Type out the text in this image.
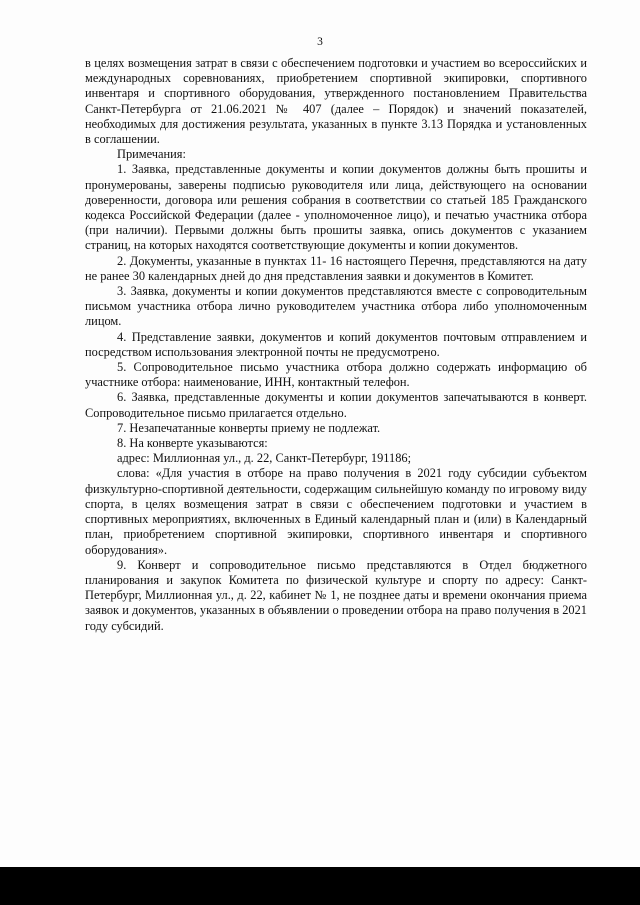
3

в целях возмещения затрат в связи с обеспечением подготовки и участием во всероссийских и международных соревнованиях, приобретением спортивной экипировки, спортивного инвентаря и спортивного оборудования, утвержденного постановлением Правительства Санкт-Петербурга от 21.06.2021 № 407 (далее – Порядок) и значений показателей, необходимых для достижения результата, указанных в пункте 3.13 Порядка и установленных в соглашении.

Примечания:

1. Заявка, представленные документы и копии документов должны быть прошиты и пронумерованы, заверены подписью руководителя или лица, действующего на основании доверенности, договора или решения собрания в соответствии со статьей 185 Гражданского кодекса Российской Федерации (далее - уполномоченное лицо), и печатью участника отбора (при наличии). Первыми должны быть прошиты заявка, опись документов с указанием страниц, на которых находятся соответствующие документы и копии документов.

2. Документы, указанные в пунктах 11- 16 настоящего Перечня, представляются на дату не ранее 30 календарных дней до дня представления заявки и документов в Комитет.

3. Заявка, документы и копии документов представляются вместе с сопроводительным письмом участника отбора лично руководителем участника отбора либо уполномоченным лицом.

4. Представление заявки, документов и копий документов почтовым отправлением и посредством использования электронной почты не предусмотрено.

5. Сопроводительное письмо участника отбора должно содержать информацию об участнике отбора: наименование, ИНН, контактный телефон.

6. Заявка, представленные документы и копии документов запечатываются в конверт. Сопроводительное письмо прилагается отдельно.

7. Незапечатанные конверты приему не подлежат.

8. На конверте указываются:

адрес: Миллионная ул., д. 22, Санкт-Петербург, 191186;

слова: «Для участия в отборе на право получения в 2021 году субсидии субъектом физкультурно-спортивной деятельности, содержащим сильнейшую команду по игровому виду спорта, в целях возмещения затрат в связи с обеспечением подготовки и участием в спортивных мероприятиях, включенных в Единый календарный план и (или) в Календарный план, приобретением спортивной экипировки, спортивного инвентаря и спортивного оборудования».

9. Конверт и сопроводительное письмо представляются в Отдел бюджетного планирования и закупок Комитета по физической культуре и спорту по адресу: Санкт-Петербург, Миллионная ул., д. 22, кабинет № 1, не позднее даты и времени окончания приема заявок и документов, указанных в объявлении о проведении отбора на право получения в 2021 году субсидий.
